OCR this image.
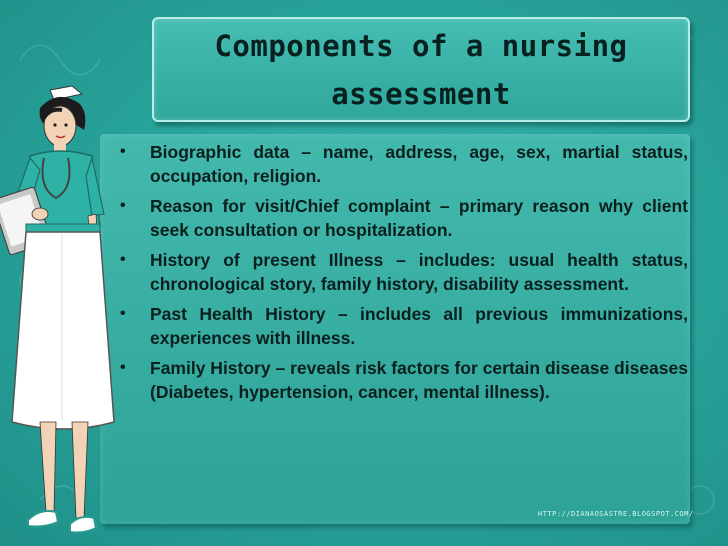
Components of a nursing assessment

• Biographic data – name, address, age, sex, martial status, occupation, religion.
• Reason for visit/Chief complaint – primary reason why client seek consultation or hospitalization.
• History of present Illness – includes: usual health status, chronological story, family history, disability assessment.
• Past Health History – includes all previous immunizations, experiences with illness.
• Family History – reveals risk factors for certain disease diseases (Diabetes, hypertension, cancer, mental illness).
HTTP://DIANAOSASTRE.BLOGSPOT.COM/
